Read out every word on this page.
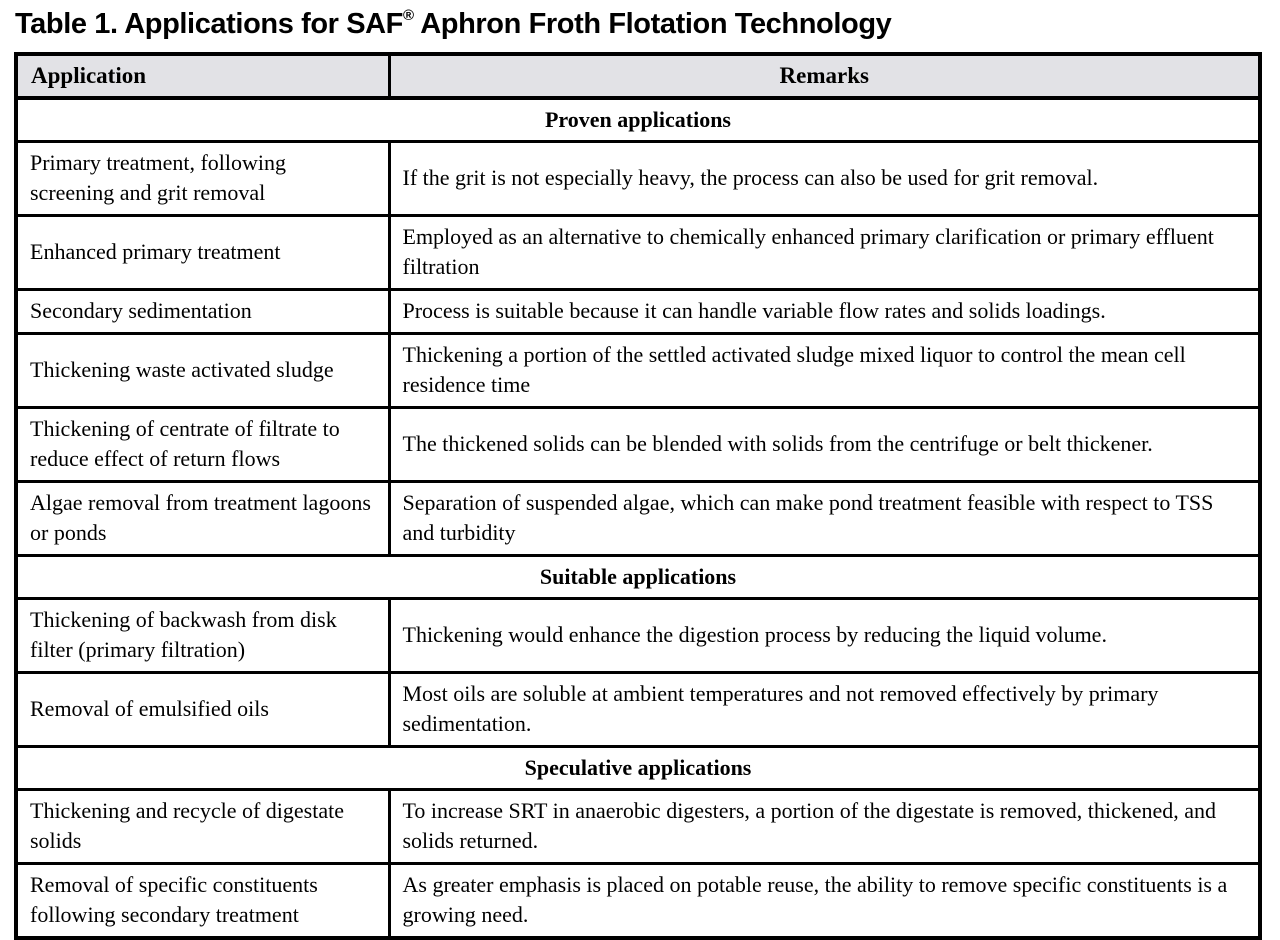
Table 1. Applications for SAF® Aphron Froth Flotation Technology
Application	Remarks
Proven applications	
Primary treatment, following screening and grit removal	If the grit is not especially heavy, the process can also be used for grit removal.
Enhanced primary treatment	Employed as an alternative to chemically enhanced primary clarification or primary effluent filtration
Secondary sedimentation	Process is suitable because it can handle variable flow rates and solids loadings.
Thickening waste activated sludge	Thickening a portion of the settled activated sludge mixed liquor to control the mean cell residence time
Thickening of centrate of filtrate to reduce effect of return flows	The thickened solids can be blended with solids from the centrifuge or belt thickener.
Algae removal from treatment lagoons or ponds	Separation of suspended algae, which can make pond treatment feasible with respect to TSS and turbidity
Suitable applications	
Thickening of backwash from disk filter (primary filtration)	Thickening would enhance the digestion process by reducing the liquid volume.
Removal of emulsified oils	Most oils are soluble at ambient temperatures and not removed effectively by primary sedimentation.
Speculative applications	
Thickening and recycle of digestate solids	To increase SRT in anaerobic digesters, a portion of the digestate is removed, thickened, and solids returned.
Removal of specific constituents following secondary treatment	As greater emphasis is placed on potable reuse, the ability to remove specific constituents is a growing need.
